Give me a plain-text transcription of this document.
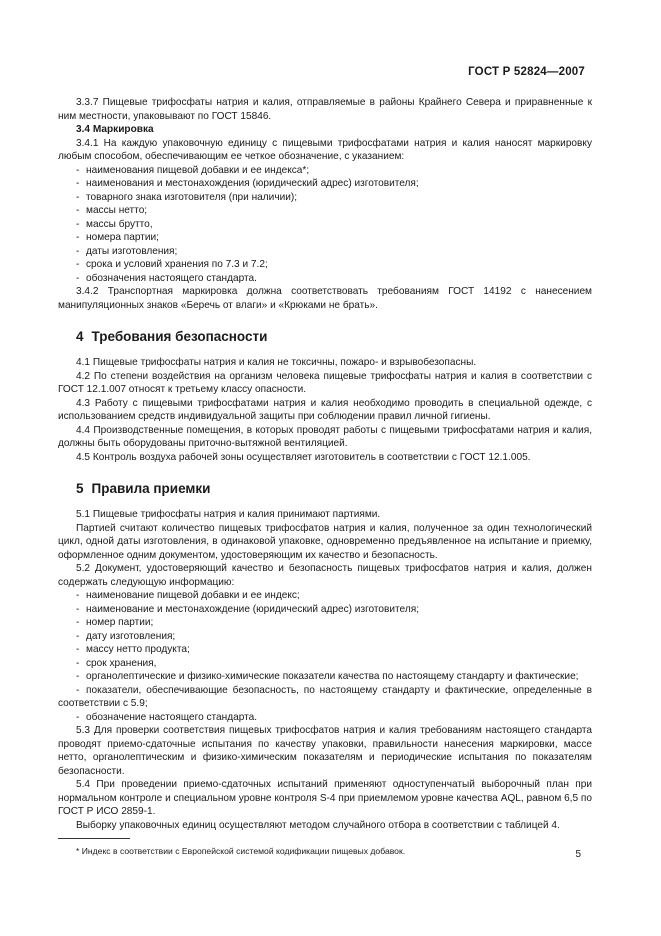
ГОСТ Р 52824—2007

3.3.7 Пищевые трифосфаты натрия и калия, отправляемые в районы Крайнего Севера и приравненные к ним местности, упаковывают по ГОСТ 15846.

3.4 Маркировка

3.4.1 На каждую упаковочную единицу с пищевыми трифосфатами натрия и калия наносят маркировку любым способом, обеспечивающим ее четкое обозначение, с указанием:

- наименования пищевой добавки и ее индекса*;
- наименования и местонахождения (юридический адрес) изготовителя;
- товарного знака изготовителя (при наличии);
- массы нетто;
- массы брутто,
- номера партии;
- даты изготовления;
- срока и условий хранения по 7.3 и 7.2;
- обозначения настоящего стандарта.

3.4.2 Транспортная маркировка должна соответствовать требованиям ГОСТ 14192 с нанесением манипуляционных знаков «Беречь от влаги» и «Крюками не брать».

4 Требования безопасности

4.1 Пищевые трифосфаты натрия и калия не токсичны, пожаро- и взрывобезопасны.

4.2 По степени воздействия на организм человека пищевые трифосфаты натрия и калия в соответствии с ГОСТ 12.1.007 относят к третьему классу опасности.

4.3 Работу с пищевыми трифосфатами натрия и калия необходимо проводить в специальной одежде, с использованием средств индивидуальной защиты при соблюдении правил личной гигиены.

4.4 Производственные помещения, в которых проводят работы с пищевыми трифосфатами натрия и калия, должны быть оборудованы приточно-вытяжной вентиляцией.

4.5 Контроль воздуха рабочей зоны осуществляет изготовитель в соответствии с ГОСТ 12.1.005.

5 Правила приемки

5.1 Пищевые трифосфаты натрия и калия принимают партиями.

Партией считают количество пищевых трифосфатов натрия и калия, полученное за один технологический цикл, одной даты изготовления, в одинаковой упаковке, одновременно предъявленное на испытание и приемку, оформленное одним документом, удостоверяющим их качество и безопасность.

5.2 Документ, удостоверяющий качество и безопасность пищевых трифосфатов натрия и калия, должен содержать следующую информацию:

- наименование пищевой добавки и ее индекс;
- наименование и местонахождение (юридический адрес) изготовителя;
- номер партии;
- дату изготовления;
- массу нетто продукта;
- срок хранения,

- органолептические и физико-химические показатели качества по настоящему стандарту и фактические;

- показатели, обеспечивающие безопасность, по настоящему стандарту и фактические, определенные в соответствии с 5.9;

- обозначение настоящего стандарта.

5.3 Для проверки соответствия пищевых трифосфатов натрия и калия требованиям настоящего стандарта проводят приемо-сдаточные испытания по качеству упаковки, правильности нанесения маркировки, массе нетто, органолептическим и физико-химическим показателям и периодические испытания по показателям безопасности.

5.4 При проведении приемо-сдаточных испытаний применяют одноступенчатый выборочный план при нормальном контроле и специальном уровне контроля S-4 при приемлемом уровне качества AQL, равном 6,5 по ГОСТ Р ИСО 2859-1.

Выборку упаковочных единиц осуществляют методом случайного отбора в соответствии с таблицей 4.

* Индекс в соответствии с Европейской системой кодификации пищевых добавок.	5
